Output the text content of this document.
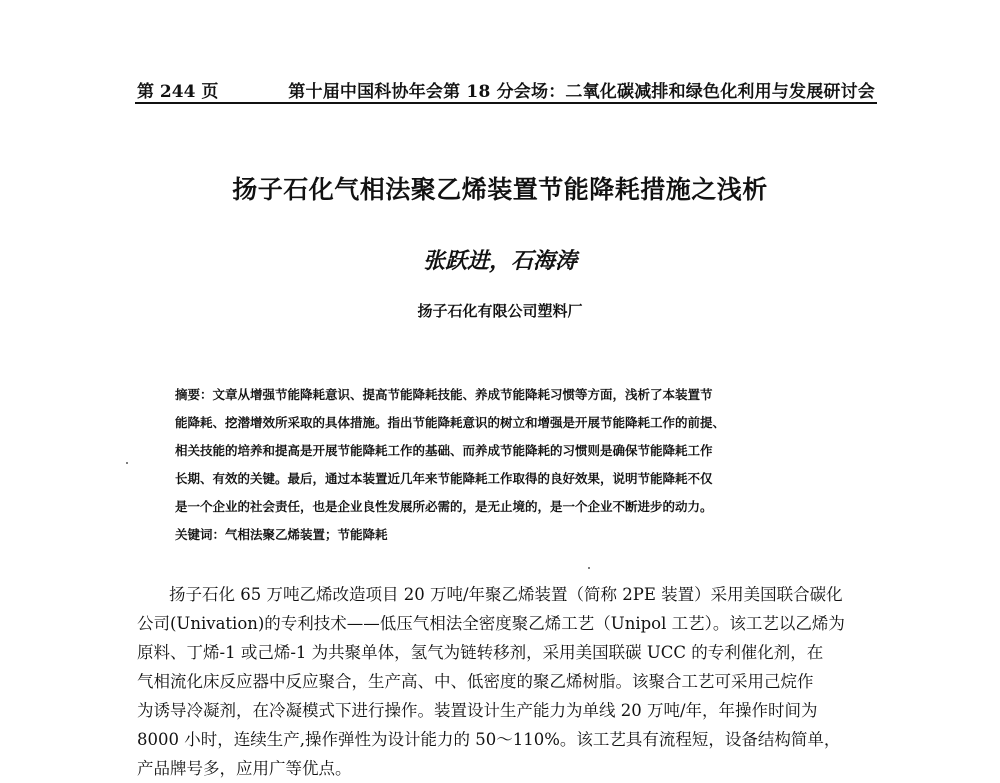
第 244 页	第十届中国科协年会第 18 分会场：二氧化碳减排和绿色化利用与发展研讨会
扬子石化气相法聚乙烯装置节能降耗措施之浅析
张跃进，石海涛
扬子石化有限公司塑料厂
摘要：文章从增强节能降耗意识、提高节能降耗技能、养成节能降耗习惯等方面，浅析了本装置节
能降耗、挖潜增效所采取的具体措施。指出节能降耗意识的树立和增强是开展节能降耗工作的前提、
相关技能的培养和提高是开展节能降耗工作的基础、而养成节能降耗的习惯则是确保节能降耗工作
长期、有效的关键。最后，通过本装置近几年来节能降耗工作取得的良好效果，说明节能降耗不仅
是一个企业的社会责任，也是企业良性发展所必需的，是无止境的，是一个企业不断进步的动力。
关键词：气相法聚乙烯装置；节能降耗
扬子石化 65 万吨乙烯改造项目 20 万吨/年聚乙烯装置（简称 2PE 装置）采用美国联合碳化
公司(Univation)的专利技术——低压气相法全密度聚乙烯工艺（Unipol 工艺）。该工艺以乙烯为
原料、丁烯-1 或己烯-1 为共聚单体，氢气为链转移剂，采用美国联碳 UCC 的专利催化剂，在
气相流化床反应器中反应聚合，生产高、中、低密度的聚乙烯树脂。该聚合工艺可采用己烷作
为诱导冷凝剂，在冷凝模式下进行操作。装置设计生产能力为单线 20 万吨/年，年操作时间为
8000 小时，连续生产,操作弹性为设计能力的 50～110%。该工艺具有流程短，设备结构简单，
产品牌号多，应用广等优点。
